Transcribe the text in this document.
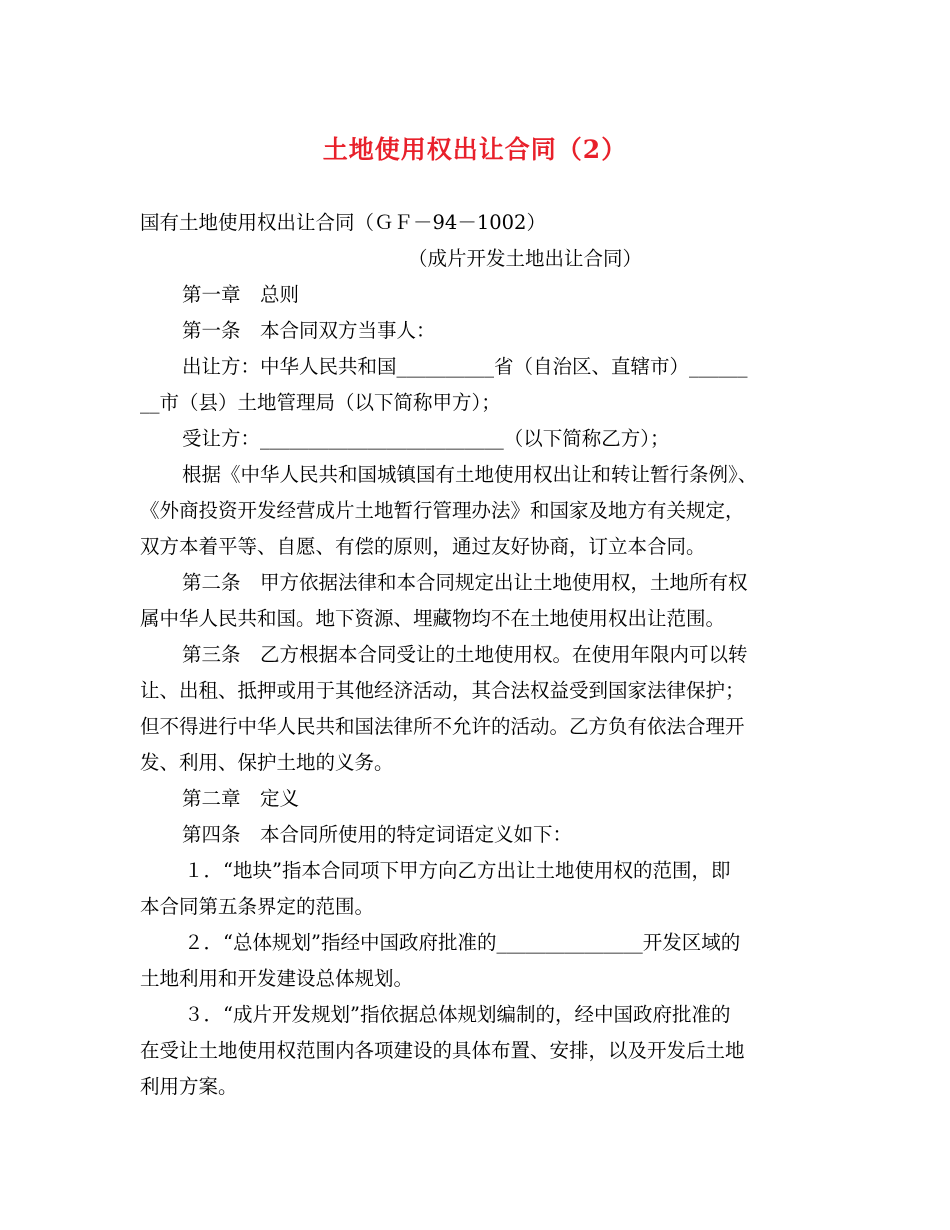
土地使用权出让合同（2）

国有土地使用权出让合同（ＧＦ－94－1002）

（成片开发土地出让合同）

第一章　总则

第一条　本合同双方当事人：

出让方：中华人民共和国__________省（自治区、直辖市）______

__市（县）土地管理局（以下简称甲方）；

受让方：_________________________（以下简称乙方）；

根据《中华人民共和国城镇国有土地使用权出让和转让暂行条例》、

《外商投资开发经营成片土地暂行管理办法》和国家及地方有关规定，

双方本着平等、自愿、有偿的原则，通过友好协商，订立本合同。

第二条　甲方依据法律和本合同规定出让土地使用权，土地所有权

属中华人民共和国。地下资源、埋藏物均不在土地使用权出让范围。

第三条　乙方根据本合同受让的土地使用权。在使用年限内可以转

让、出租、抵押或用于其他经济活动，其合法权益受到国家法律保护；

但不得进行中华人民共和国法律所不允许的活动。乙方负有依法合理开

发、利用、保护土地的义务。

第二章　定义

第四条　本合同所使用的特定词语定义如下：

１．“地块”指本合同项下甲方向乙方出让土地使用权的范围，即

本合同第五条界定的范围。

２．“总体规划”指经中国政府批准的_______________开发区域的

土地利用和开发建设总体规划。

３．“成片开发规划”指依据总体规划编制的，经中国政府批准的

在受让土地使用权范围内各项建设的具体布置、安排，以及开发后土地

利用方案。
